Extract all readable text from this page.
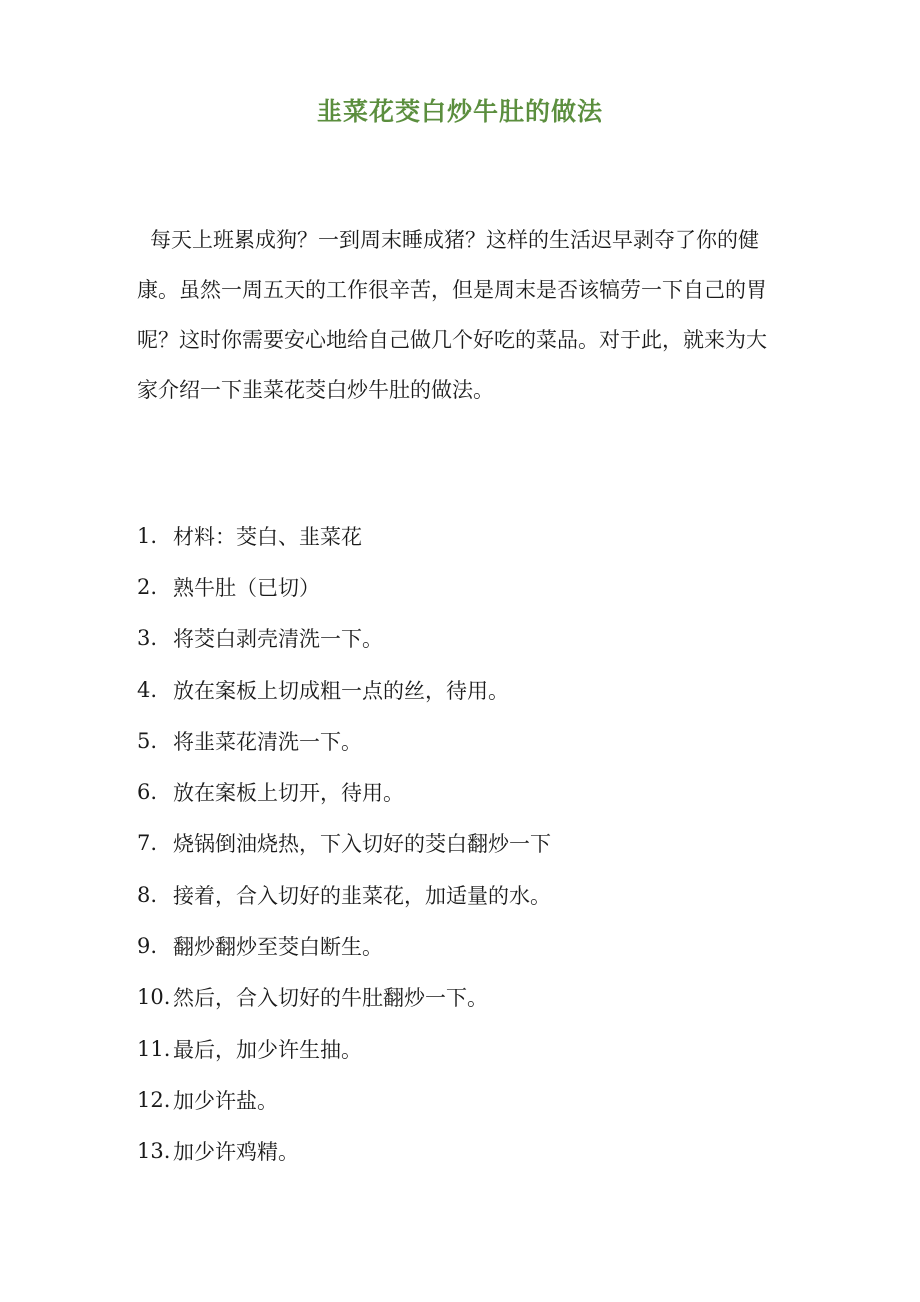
韭菜花茭白炒牛肚的做法

每天上班累成狗？一到周末睡成猪？这样的生活迟早剥夺了你的健康。虽然一周五天的工作很辛苦，但是周末是否该犒劳一下自己的胃呢？这时你需要安心地给自己做几个好吃的菜品。对于此，就来为大家介绍一下韭菜花茭白炒牛肚的做法。

1. 材料：茭白、韭菜花
2. 熟牛肚（已切）
3. 将茭白剥壳清洗一下。
4. 放在案板上切成粗一点的丝，待用。
5. 将韭菜花清洗一下。
6. 放在案板上切开，待用。
7. 烧锅倒油烧热，下入切好的茭白翻炒一下
8. 接着，合入切好的韭菜花，加适量的水。
9. 翻炒翻炒至茭白断生。
10. 然后，合入切好的牛肚翻炒一下。
11. 最后，加少许生抽。
12. 加少许盐。
13. 加少许鸡精。
